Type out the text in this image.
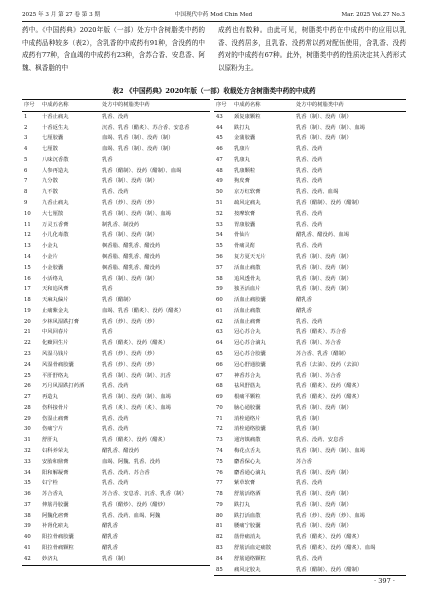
2025 年 3 月 第 27 卷 第 3 期	中国现代中药 Mod Chin Med	Mar. 2025 Vol.27 No.3
药中。《中国药典》2020年版（一部）处方中含树脂类中药的中成药品种较多（表2），含乳香的中成药有91种，含没药的中成药有77种，含血竭的中成药有23种，含苏合香、安息香、阿魏、枫香脂的中
成药也有数种。由此可见，树脂类中药在中成药中的应用以乳香、没药居多，且乳香、没药常以药对配伍使用，含乳香、没药药对的中成药有67种。此外，树脂类中药的性质决定其入药形式以原粉为主。
表2 《中国药典》2020年版（一部）收载处方含树脂类中药的中成药
序号	中成药名称	处方中的树脂类中药
1	十香止痛丸	乳香、没药
2	十香返生丸	沉香、乳香（醋炙）、苏合香、安息香
3	七厘胶囊	血竭、乳香（制）、没药（制）
4	七厘散	血竭、乳香（制）、没药（制）
5	八味沉香散	乳香
6	人参再造丸	乳香（醋制）、没药（醋制）、血竭
7	九分散	乳香（制）、没药（制）
8	九不散	乳香、没药
9	九香止痛丸	乳香（炒）、没药（炒）
10	大七厘散	乳香（制）、没药（制）、血竭
11	万灵五香膏	制乳香、制没药
12	小儿化毒散	乳香（制）、没药（制）
13	小金丸	枫香脂、醋乳香、醋没药
14	小金片	枫香脂、醋乳香、醋没药
15	小金胶囊	枫香脂、醋乳香、醋没药
16	小活络丸	乳香（制）、没药（制）
17	天和追风膏	乳香
18	天麻丸偏片	乳香（醋制）
19	止痛紫金丸	血竭、乳香（醋炙）、没药（醋炙）
20	少林风湿跌打膏	乳香（炒）、没药（炒）
21	中风回春片	乳香
22	化癥回生片	乳香（醋炙）、没药（醋炙）
23	风湿马钱片	乳香（炒）、没药（炒）
24	风湿骨痛胶囊	乳香（炒）、没药（炒）
25	平肝舒络丸	乳香（制）、没药（制）、沉香
26	巧月风湿跌打药酒	乳香、没药
27	再造丸	乳香（制）、没药（制）、血竭
28	伤科接骨片	乳香（炙）、没药（炙）、血竭
29	伤湿止痛膏	乳香、没药
30	伤痛宁片	乳香、没药
31	舒肝丸	乳香（醋炙）、没药（醋炙）
32	妇科养荣丸	醋乳香、醋没药
33	安胎和鼎膏	血竭、阿魏、乳香、没药
34	阳和解凝膏	乳香、没药、苏合香
35	妇宁栓	乳香、没药
36	苏合香丸	苏合香、安息香、沉香、乳香（制）
37	伸筋丹胶囊	乳香（醋炒）、没药（醋炒）
38	阿魏化痞膏	乳香、没药、血竭、阿魏
39	补肾化瘀丸	醋乳香
40	阳拉骨痛胶囊	醋乳香
41	阳拉骨痛颗粒	醋乳香
42	妙济丸	乳香（制）
序号	中成药名称	处方中的树脂类中药
43	颈复康颗粒	乳香（制）、没药（制）
44	跌打丸	乳香（制）、没药（制）、血竭
45	金蒲胶囊	乳香（制）、没药（制）
46	乳康片	乳香、没药
47	乳康丸	乳香、没药
48	乳康颗粒	乳香、没药
49	狗皮膏	乳香、没药
50	京万红软膏	乳香、没药、血竭
51	疏风定痛丸	乳香（醋制）、没药（醋制）
52	按摩软膏	乳香、没药
53	胃康胶囊	乳香、没药
54	骨仙片	醋乳香、醋没药、血竭
55	骨痛灵酊	乳香、没药
56	复方夏天无片	乳香（制）、没药（制）
57	活血止痛散	乳香（制）、没药（制）
58	追风透骨丸	乳香（制）、没药（制）
59	独圣活血片	乳香（制）、没药（制）
60	活血止痛胶囊	醋乳香
61	活血止痛散	醋乳香
62	活血止痛膏	乳香、没药
63	冠心苏合丸	乳香（醋炙）、苏合香
64	冠心苏合滴丸	乳香（制）、苏合香
65	冠心苏合胶囊	苏合香、乳香（醋制）
66	冠心舒通胶囊	乳香（去油）、没药（去油）
67	神香苏合丸	乳香（制）、苏合香
68	祛风舒筋丸	乳香（醋炙）、没药（醋炙）
69	根痛平颗粒	乳香（醋炙）、没药（醋炙）
70	脑心通胶囊	乳香（制）、没药（制）
71	消栓通络片	乳香（制）
72	消栓通络胶囊	乳香（制）
73	通窍镇痛散	乳香、没药、安息香
74	梅花点舌丸	乳香（制）、没药（制）、血竭
75	麝香保心丸	苏合香
76	麝香通心滴丸	乳香（制）、没药（制）
77	紫草软膏	乳香、没药
78	舒筋活络酒	乳香（制）、没药（制）
79	跌打丸	乳香（制）、没药（制）
80	跌打活血散	乳香（炒）、没药（炒）、血竭
81	腰痛宁胶囊	乳香（制）、没药（制）
82	筋骨痛消丸	乳香（醋炙）、没药（醋炙）
83	舒筋活血定痛散	乳香（醋炙）、没药（醋炙）、血竭
84	舒筋通络颗粒	乳香、没药
85	痛风定胶丸	乳香（醋制）、没药（醋制）
· 397 ·
